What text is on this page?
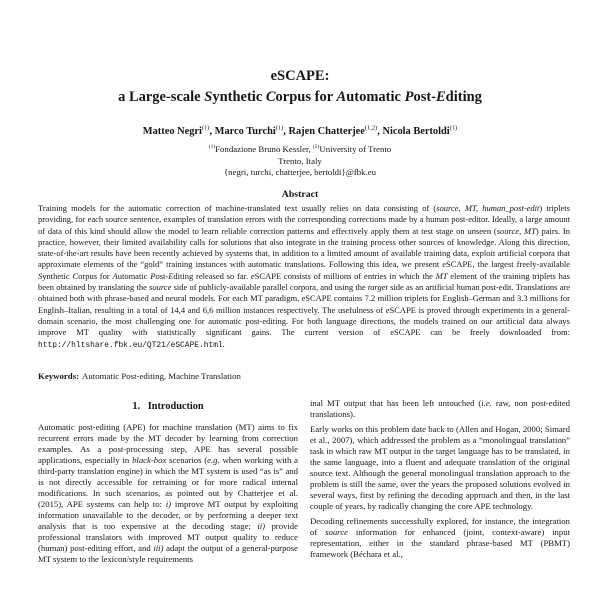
eSCAPE:
a Large-scale Synthetic Corpus for Automatic Post-Editing
Matteo Negri$^{(1)}$, Marco Turchi$^{(1)}$, Rajen Chatterjee$^{(1,2)}$, Nicola Bertoldi$^{(1)}$
$^{(1)}$Fondazione Bruno Kessler, $^{(2)}$University of Trento
Trento, Italy
{negri, turchi, chatterjee, bertoldi}@fbk.eu
Abstract
Training models for the automatic correction of machine-translated text usually relies on data consisting of (source, MT, human_post-edit) triplets providing, for each source sentence, examples of translation errors with the corresponding corrections made by a human post-editor. Ideally, a large amount of data of this kind should allow the model to learn reliable correction patterns and effectively apply them at test stage on unseen (source, MT) pairs. In practice, however, their limited availability calls for solutions that also integrate in the training process other sources of knowledge. Along this direction, state-of-the-art results have been recently achieved by systems that, in addition to a limited amount of available training data, exploit artificial corpora that approximate elements of the “gold” training instances with automatic translations. Following this idea, we present eSCAPE, the largest freely-available Synthetic Corpus for Automatic Post-Editing released so far. eSCAPE consists of millions of entries in which the MT element of the training triplets has been obtained by translating the source side of publicly-available parallel corpora, and using the target side as an artificial human post-edit. Translations are obtained both with phrase-based and neural models. For each MT paradigm, eSCAPE contains 7.2 million triplets for English–German and 3.3 millions for English–Italian, resulting in a total of 14,4 and 6,6 million instances respectively. The usefulness of eSCAPE is proved through experiments in a general-domain scenario, the most challenging one for automatic post-editing. For both language directions, the models trained on our artificial data always improve MT quality with statistically significant gains. The current version of eSCAPE can be freely downloaded from: http://hltshare.fbk.eu/QT21/eSCAPE.html.
Keywords: Automatic Post-editing, Machine Translation
1.   Introduction

Automatic post-editing (APE) for machine translation (MT) aims to fix recurrent errors made by the MT decoder by learning from correction examples. As a post-processing step, APE has several possible applications, especially in black-box scenarios (e.g. when working with a third-party translation engine) in which the MT system is used “as is” and is not directly accessible for retraining or for more radical internal modifications. In such scenarios, as pointed out by Chatterjee et al. (2015), APE systems can help to: i) improve MT output by exploiting information unavailable to the decoder, or by performing a deeper text analysis that is too expensive at the decoding stage; ii) provide professional translators with improved MT output quality to reduce (human) post-editing effort, and iii) adapt the output of a general-purpose MT system to the lexicon/style requirements

inal MT output that has been left untouched (i.e. raw, non post-edited translations).

Early works on this problem date back to (Allen and Hogan, 2000; Simard et al., 2007), which addressed the problem as a “monolingual translation” task in which raw MT output in the target language has to be translated, in the same language, into a fluent and adequate translation of the original source text. Although the general monolingual translation approach to the problem is still the same, over the years the proposed solutions evolved in several ways, first by refining the decoding approach and then, in the last couple of years, by radically changing the core APE technology.

Decoding refinements successfully explored, for instance, the integration of source information for enhanced (joint, context-aware) input representation, either in the standard phrase-based MT (PBMT) framework (Béchara et al.,
